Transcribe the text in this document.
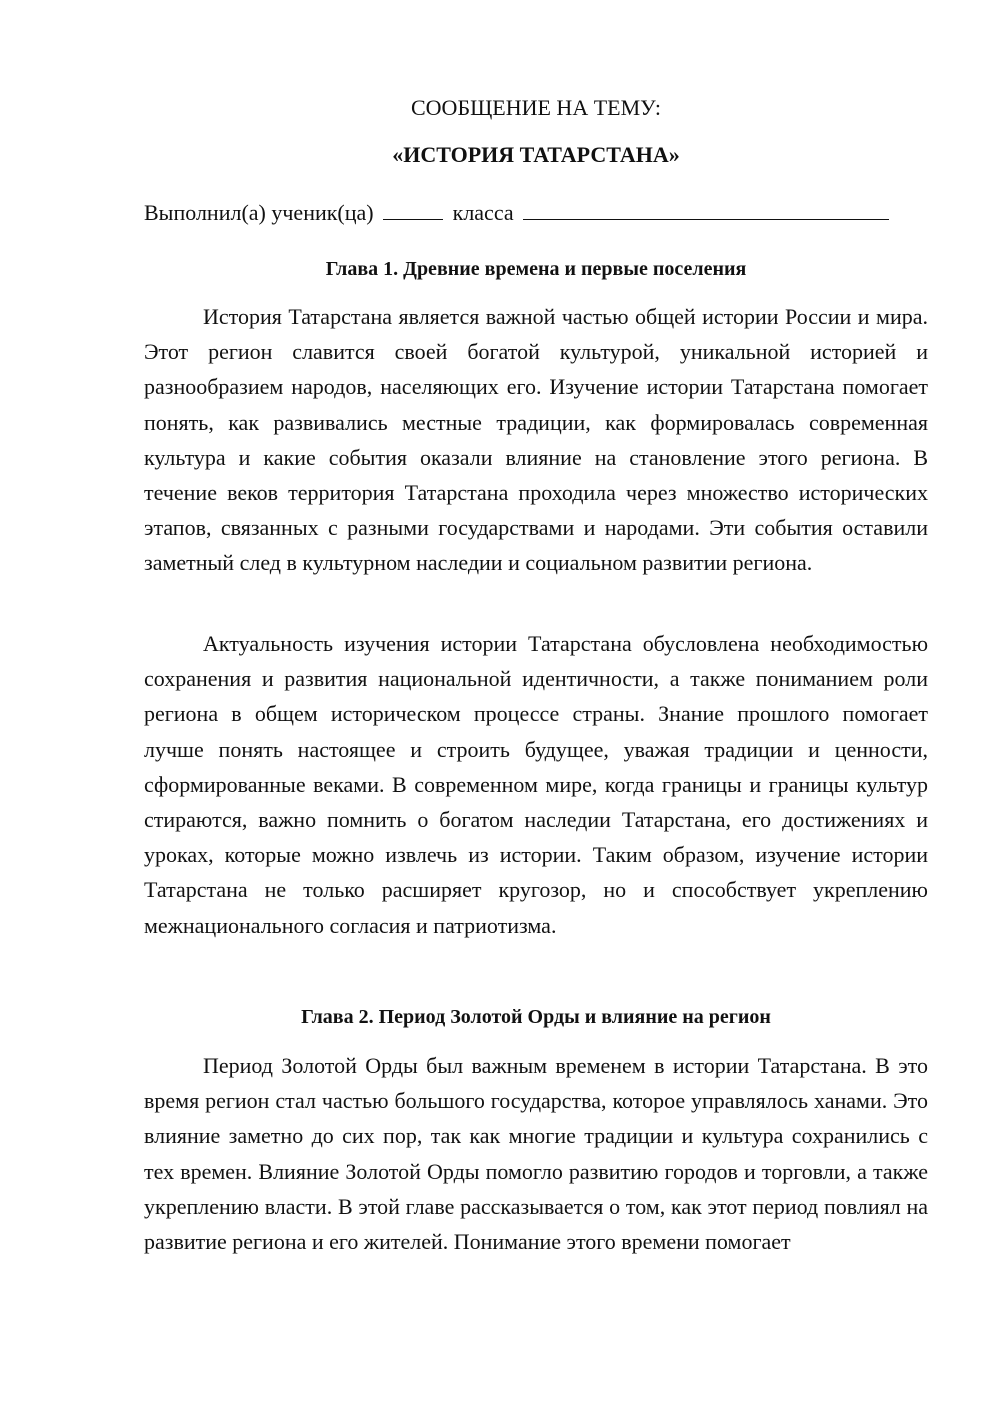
СООБЩЕНИЕ НА ТЕМУ:
«ИСТОРИЯ ТАТАРСТАНА»
Выполнил(а) ученик(ца)	класса
Глава 1. Древние времена и первые поселения

История Татарстана является важной частью общей истории России и мира. Этот регион славится своей богатой культурой, уникальной историей и разнообразием народов, населяющих его. Изучение истории Татарстана помогает понять, как развивались местные традиции, как формировалась современная культура и какие события оказали влияние на становление этого региона. В течение веков территория Татарстана проходила через множество исторических этапов, связанных с разными государствами и народами. Эти события оставили заметный след в культурном наследии и социальном развитии региона.

Актуальность изучения истории Татарстана обусловлена необходимостью сохранения и развития национальной идентичности, а также пониманием роли региона в общем историческом процессе страны. Знание прошлого помогает лучше понять настоящее и строить будущее, уважая традиции и ценности, сформированные веками. В современном мире, когда границы и границы культур стираются, важно помнить о богатом наследии Татарстана, его достижениях и уроках, которые можно извлечь из истории. Таким образом, изучение истории Татарстана не только расширяет кругозор, но и способствует укреплению межнационального согласия и патриотизма.

Глава 2. Период Золотой Орды и влияние на регион

Период Золотой Орды был важным временем в истории Татарстана. В это время регион стал частью большого государства, которое управлялось ханами. Это влияние заметно до сих пор, так как многие традиции и культура сохранились с тех времен. Влияние Золотой Орды помогло развитию городов и торговли, а также укреплению власти. В этой главе рассказывается о том, как этот период повлиял на развитие региона и его жителей. Понимание этого времени помогает
